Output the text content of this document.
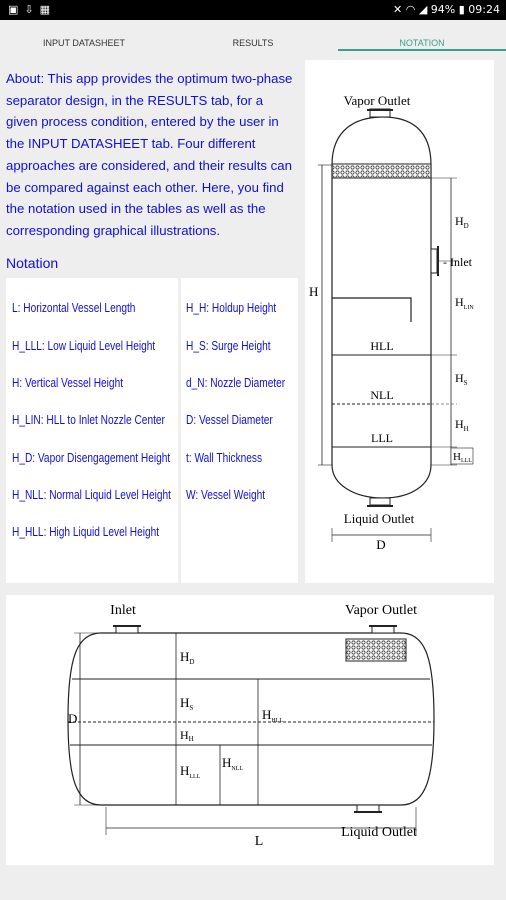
▣⇩▦	✕ ◠ ◢ 94% ▮ 09:24
INPUT DATASHEET	RESULTS	NOTATION
About: This app provides the optimum two-phase separator design, in the RESULTS tab, for a given process condition, entered by the user in the INPUT DATASHEET tab. Four different approaches are considered, and their results can be compared against each other. Here, you find the notation used in the tables as well as the corresponding graphical illustrations.
Notation
L: Horizontal Vessel Length
H_LLL: Low Liquid Level Height
H: Vertical Vessel Height
H_LIN: HLL to Inlet Nozzle Center
H_D: Vapor Disengagement Height
H_NLL: Normal Liquid Level Height
H_HLL: High Liquid Level Height
H_H: Holdup Height
H_S: Surge Height
d_N: Nozzle Diameter
D: Vessel Diameter
t: Wall Thickness
W: Vessel Weight
HLL
NLL
LLL
H
$H_D$
- Inlet
$H_{LIN}$
$H_S$
$H_H$
HLLL
Vapor Outlet
Liquid Outlet
D
$H_D$
$H_S$
HH
$H_{LLL}$
$H_{NLL}$
$H_{HLL}$
D
L
Inlet	Vapor Outlet
Liquid Outlet
